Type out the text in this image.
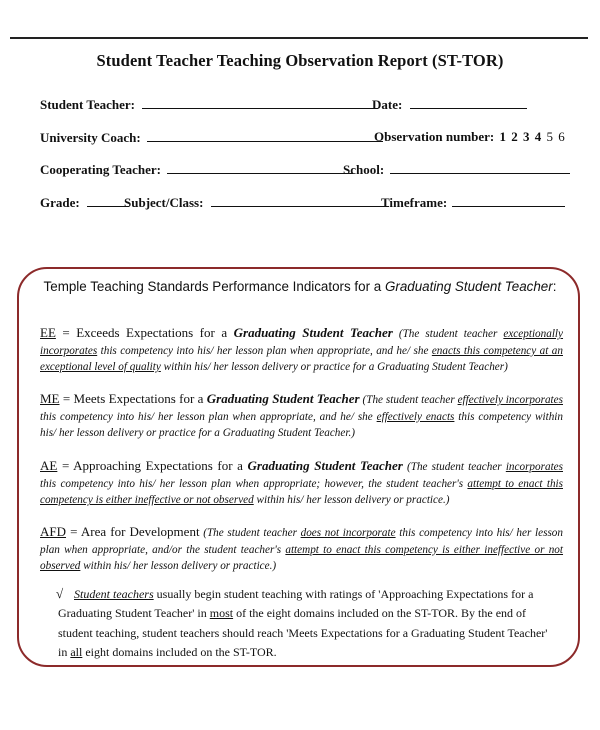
Student Teacher Teaching Observation Report (ST-TOR)
Student Teacher:	Date:
University Coach:	Observation number: 1 2 3 4 5 6
Cooperating Teacher:	School:
Grade:	Subject/Class:	Timeframe:
Temple Teaching Standards Performance Indicators for a Graduating Student Teacher:
EE = Exceeds Expectations for a Graduating Student Teacher (The student teacher exceptionally incorporates this competency into his/ her lesson plan when appropriate, and he/ she enacts this competency at an exceptional level of quality within his/ her lesson delivery or practice for a Graduating Student Teacher)
ME = Meets Expectations for a Graduating Student Teacher (The student teacher effectively incorporates this competency into his/ her lesson plan when appropriate, and he/ she effectively enacts this competency within his/ her lesson delivery or practice for a Graduating Student Teacher.)
AE = Approaching Expectations for a Graduating Student Teacher (The student teacher incorporates this competency into his/ her lesson plan when appropriate; however, the student teacher's attempt to enact this competency is either ineffective or not observed within his/ her lesson delivery or practice.)
AFD = Area for Development (The student teacher does not incorporate this competency into his/ her lesson plan when appropriate, and/or the student teacher's attempt to enact this competency is either ineffective or not observed within his/ her lesson delivery or practice.)
√ Student teachers usually begin student teaching with ratings of 'Approaching Expectations for a Graduating Student Teacher' in most of the eight domains included on the ST-TOR. By the end of student teaching, student teachers should reach 'Meets Expectations for a Graduating Student Teacher' in all eight domains included on the ST-TOR.
